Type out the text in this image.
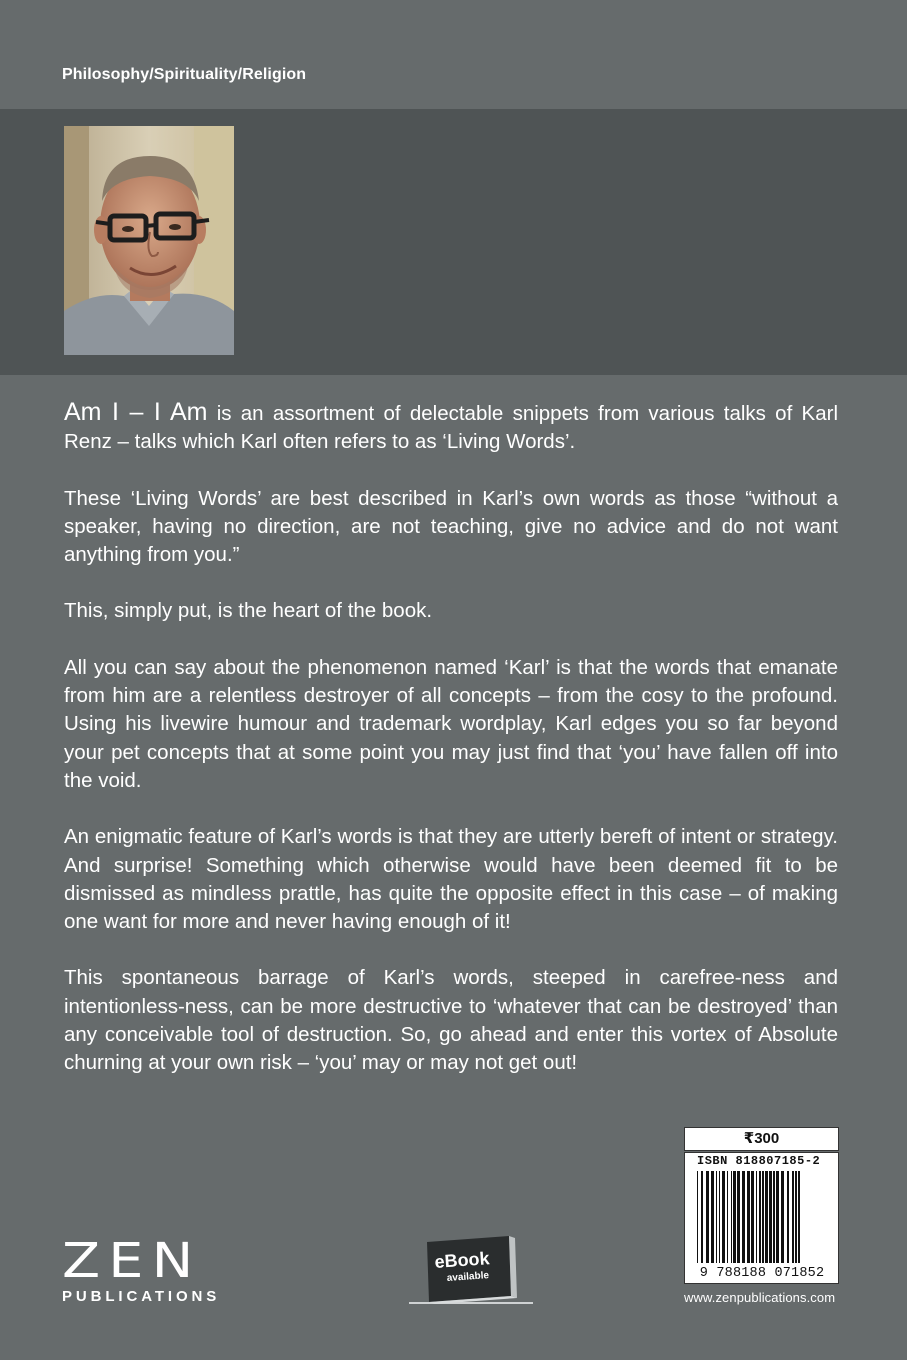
Philosophy/Spirituality/Religion

Am I – I Am is an assortment of delectable snippets from various talks of Karl Renz – talks which Karl often refers to as ‘Living Words’.

These ‘Living Words’ are best described in Karl’s own words as those “without a speaker, having no direction, are not teaching, give no advice and do not want anything from you.”

This, simply put, is the heart of the book.

All you can say about the phenomenon named ‘Karl’ is that the words that emanate from him are a relentless destroyer of all concepts – from the cosy to the profound. Using his livewire humour and trademark wordplay, Karl edges you so far beyond your pet concepts that at some point you may just find that ‘you’ have fallen off into the void.

An enigmatic feature of Karl’s words is that they are utterly bereft of intent or strategy. And surprise! Something which otherwise would have been deemed fit to be dismissed as mindless prattle, has quite the opposite effect in this case – of making one want for more and never having enough of it!

This spontaneous barrage of Karl’s words, steeped in carefree-ness and intentionless-ness, can be more destructive to ‘whatever that can be destroyed’ than any conceivable tool of destruction. So, go ahead and enter this vortex of Absolute churning at your own risk – ‘you’ may or may not get out!

₹300
ISBN 818807185-2
9 788188 071852
ZEN
PUBLICATIONS
eBook
available
www.zenpublications.com
